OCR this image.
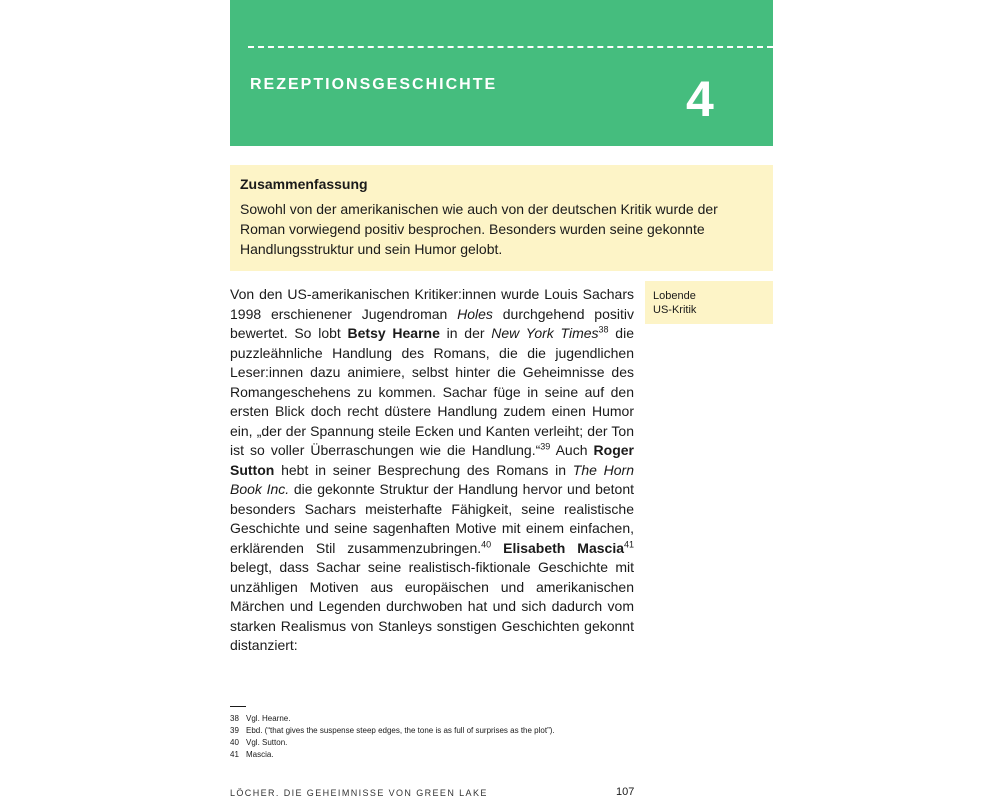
REZEPTIONSGESCHICHTE	4

Zusammenfassung

Sowohl von der amerikanischen wie auch von der deutschen Kritik wurde der Roman vorwiegend positiv besprochen. Besonders wurden seine gekonnte Handlungsstruktur und sein Humor gelobt.

Lobende
US-Kritik

Von den US-amerikanischen Kritiker:innen wurde Louis Sachars 1998 erschienener Jugendroman Holes durchgehend positiv bewertet. So lobt Betsy Hearne in der New York Times$^{38}$ die puzzleähnliche Handlung des Romans, die die jugendlichen Leser:innen dazu animiere, selbst hinter die Geheimnisse des Romangeschehens zu kommen. Sachar füge in seine auf den ersten Blick doch recht düstere Handlung zudem einen Humor ein, „der der Spannung steile Ecken und Kanten verleiht; der Ton ist so voller Überraschungen wie die Handlung.“$^{39}$ Auch Roger Sutton hebt in seiner Besprechung des Romans in The Horn Book Inc. die gekonnte Struktur der Handlung hervor und betont besonders Sachars meisterhafte Fähigkeit, seine realistische Geschichte und seine sagenhaften Motive mit einem einfachen, erklärenden Stil zusammenzubringen.$^{40}$ Elisabeth Mascia$^{41}$ belegt, dass Sachar seine realistisch-fiktionale Geschichte mit unzähligen Motiven aus europäischen und amerikanischen Märchen und Legenden durchwoben hat und sich dadurch vom starken Realismus von Stanleys sonstigen Geschichten gekonnt distanziert:

38 Vgl. Hearne.
39 Ebd. (“that gives the suspense steep edges, the tone is as full of surprises as the plot”).
40 Vgl. Sutton.
41 Mascia.
LÖCHER. DIE GEHEIMNISSE VON GREEN LAKE	107
